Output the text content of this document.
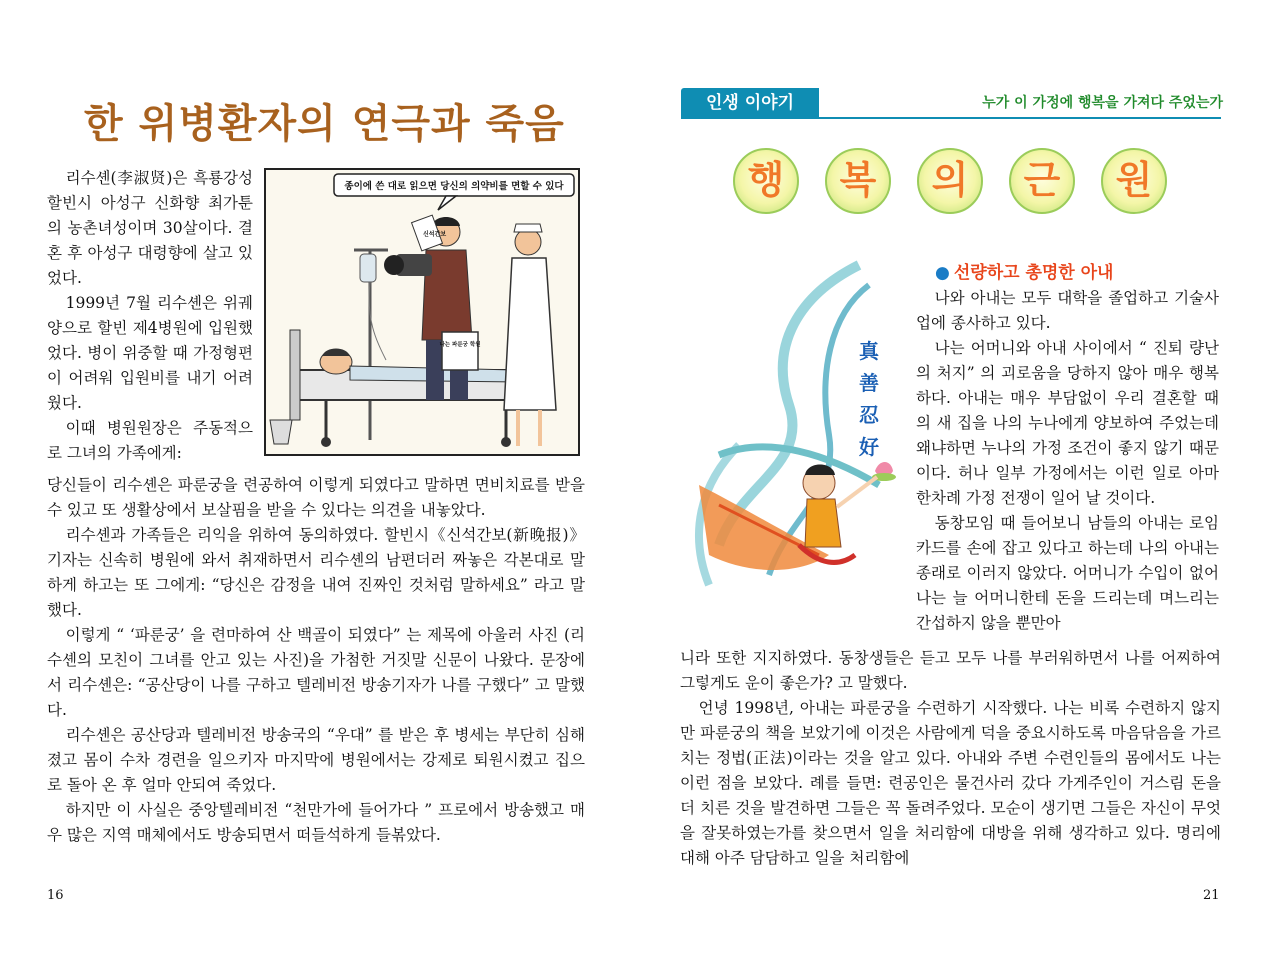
한 위병환자의 연극과 죽음

리수셴(李淑贤)은 흑룡강성 할빈시 아성구 신화향 최가툰의 농촌녀성이며 30살이다. 결혼 후 아성구 대령향에 살고 있었다.

1999년 7월 리수셴은 위궤양으로 할빈 제4병원에 입원했었다. 병이 위중할 때 가정형편이 어려워 입원비를 내기 어려웠다.

이때 병원원장은 주동적으로 그녀의 가족에게:

종이에 쓴 대로 읽으면 당신의 의약비를 면할 수 있다
신석간보
나는 파룬궁 학원

당신들이 리수셴은 파룬궁을 련공하여 이렇게 되였다고 말하면 면비치료를 받을 수 있고 또 생활상에서 보살핌을 받을 수 있다는 의견을 내놓았다.

리수셴과 가족들은 리익을 위하여 동의하였다. 할빈시《신석간보(新晚报)》기자는 신속히 병원에 와서 취재하면서 리수셴의 남편더러 짜놓은 각본대로 말하게 하고는 또 그에게: “당신은 감정을 내여 진짜인 것처럼 말하세요” 라고 말했다.

이렇게 “ ‘파룬궁’ 을 련마하여 산 백골이 되였다” 는 제목에 아울러 사진 (리수셴의 모친이 그녀를 안고 있는 사진)을 가첨한 거짓말 신문이 나왔다. 문장에서 리수셴은: “공산당이 나를 구하고 텔레비전 방송기자가 나를 구했다” 고 말했다.

리수셴은 공산당과 텔레비전 방송국의 “우대” 를 받은 후 병세는 부단히 심해졌고 몸이 수차 경련을 일으키자 마지막에 병원에서는 강제로 퇴원시켰고 집으로 돌아 온 후 얼마 안되여 죽었다.

하지만 이 사실은 중앙텔레비전 “천만가에 들어가다 ” 프로에서 방송했고 매우 많은 지역 매체에서도 방송되면서 떠들석하게 들볶았다.

16
인생 이야기	누가 이 가정에 행복을 가져다 주었는가
행	복	의	근	원
● 선량하고 총명한 아내
真
善
忍
好

나와 아내는 모두 대학을 졸업하고 기술사업에 종사하고 있다.

나는 어머니와 아내 사이에서 “ 진퇴 량난의 처지” 의 괴로움을 당하지 않아 매우 행복하다. 아내는 매우 부담없이 우리 결혼할 때의 새 집을 나의 누나에게 양보하여 주었는데 왜냐하면 누나의 가정 조건이 좋지 않기 때문이다. 허나 일부 가정에서는 이런 일로 아마 한차례 가정 전쟁이 일어 날 것이다.

동창모임 때 들어보니 남들의 아내는 로임카드를 손에 잡고 있다고 하는데 나의 아내는 종래로 이러지 않았다. 어머니가 수입이 없어 나는 늘 어머니한테 돈을 드리는데 며느리는 간섭하지 않을 뿐만아

니라 또한 지지하였다. 동창생들은 듣고 모두 나를 부러워하면서 나를 어찌하여 그렇게도 운이 좋은가? 고 말했다.

언녕 1998년, 아내는 파룬궁을 수련하기 시작했다. 나는 비록 수련하지 않지만 파룬궁의 책을 보았기에 이것은 사람에게 덕을 중요시하도록 마음닦음을 가르치는 정법(正法)이라는 것을 알고 있다. 아내와 주변 수련인들의 몸에서도 나는 이런 점을 보았다. 례를 들면: 련공인은 물건사러 갔다 가게주인이 거스림 돈을 더 치른 것을 발견하면 그들은 꼭 돌려주었다. 모순이 생기면 그들은 자신이 무엇을 잘못하였는가를 찾으면서 일을 처리함에 대방을 위해 생각하고 있다. 명리에 대해 아주 담담하고 일을 처리함에

21
